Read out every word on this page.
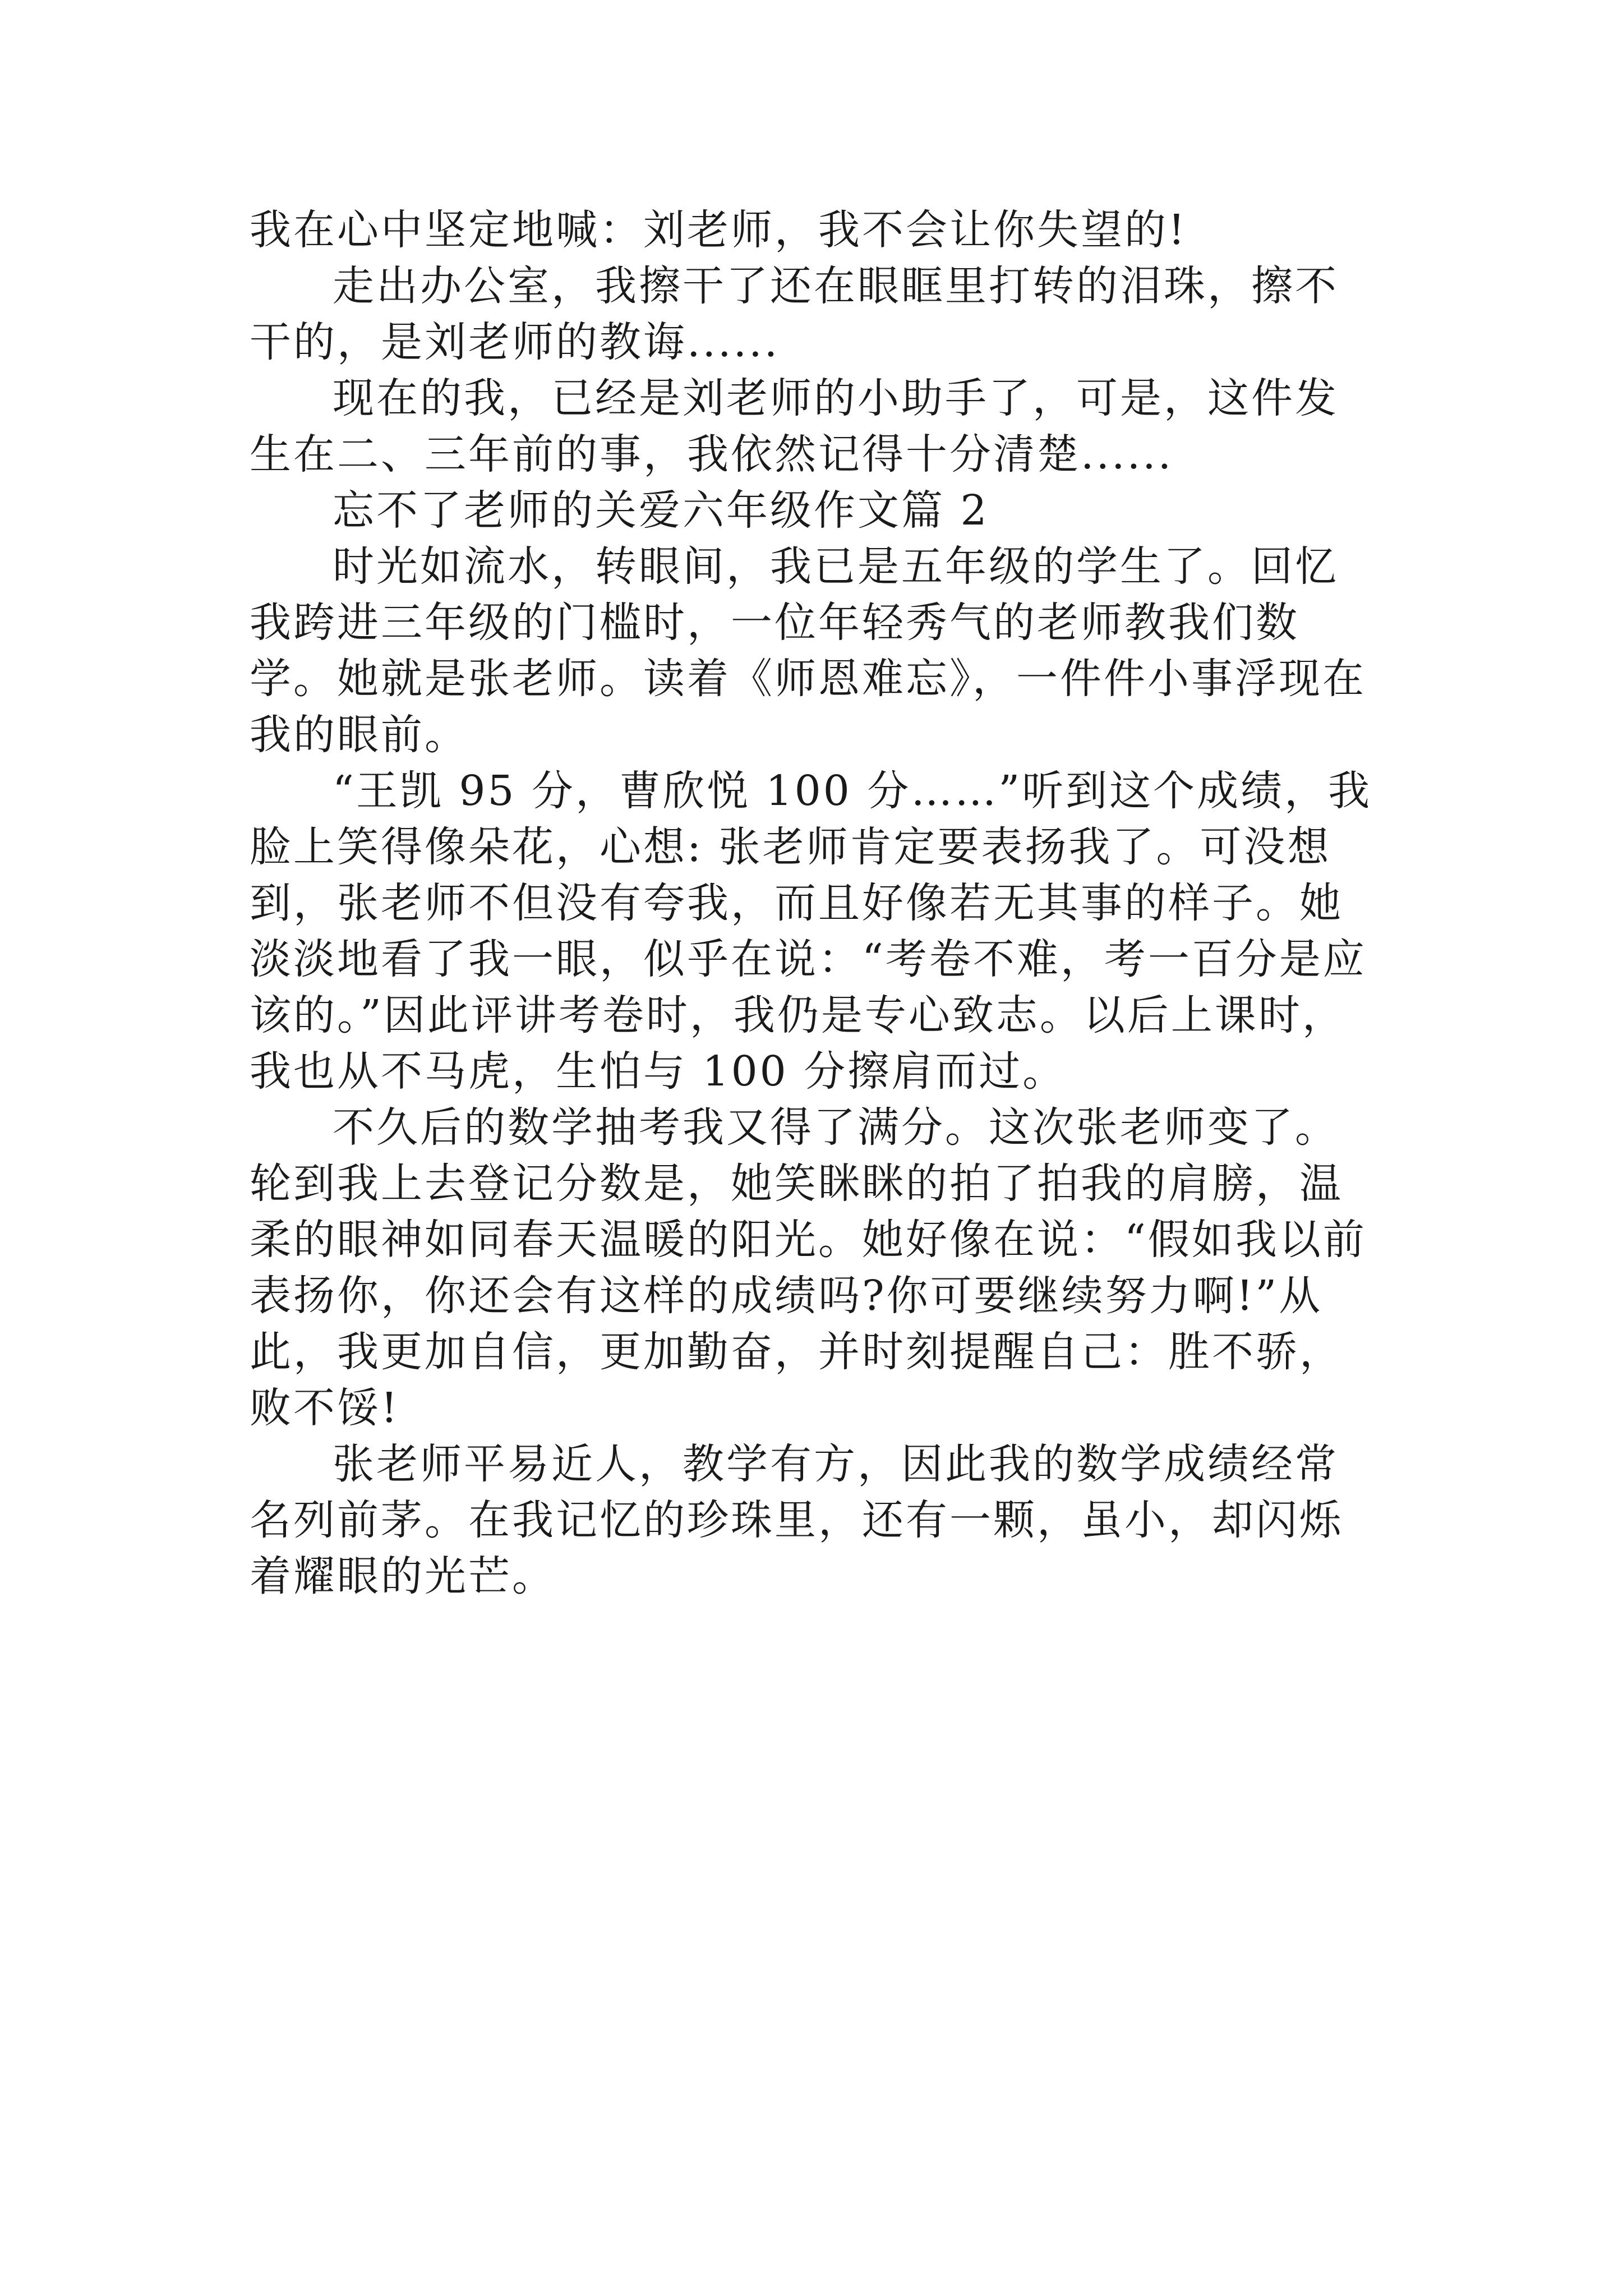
我在心中坚定地喊：刘老师，我不会让你失望的!

走出办公室，我擦干了还在眼眶里打转的泪珠，擦不干的，是刘老师的教诲......

现在的我，已经是刘老师的小助手了，可是，这件发生在二、三年前的事，我依然记得十分清楚......

忘不了老师的关爱六年级作文篇 2

时光如流水，转眼间，我已是五年级的学生了。回忆我跨进三年级的门槛时，一位年轻秀气的老师教我们数学。她就是张老师。读着《师恩难忘》，一件件小事浮现在我的眼前。

“王凯 95 分，曹欣悦 100 分……”听到这个成绩，我脸上笑得像朵花，心想: 张老师肯定要表扬我了。可没想到，张老师不但没有夸我，而且好像若无其事的样子。她淡淡地看了我一眼，似乎在说：“考卷不难，考一百分是应该的。”因此评讲考卷时，我仍是专心致志。以后上课时，我也从不马虎，生怕与 100 分擦肩而过。

不久后的数学抽考我又得了满分。这次张老师变了。轮到我上去登记分数是，她笑眯眯的拍了拍我的肩膀，温柔的眼神如同春天温暖的阳光。她好像在说：“假如我以前表扬你，你还会有这样的成绩吗?你可要继续努力啊!”从此，我更加自信，更加勤奋，并时刻提醒自己：胜不骄，败不馁!

张老师平易近人，教学有方，因此我的数学成绩经常名列前茅。在我记忆的珍珠里，还有一颗，虽小，却闪烁着耀眼的光芒。
